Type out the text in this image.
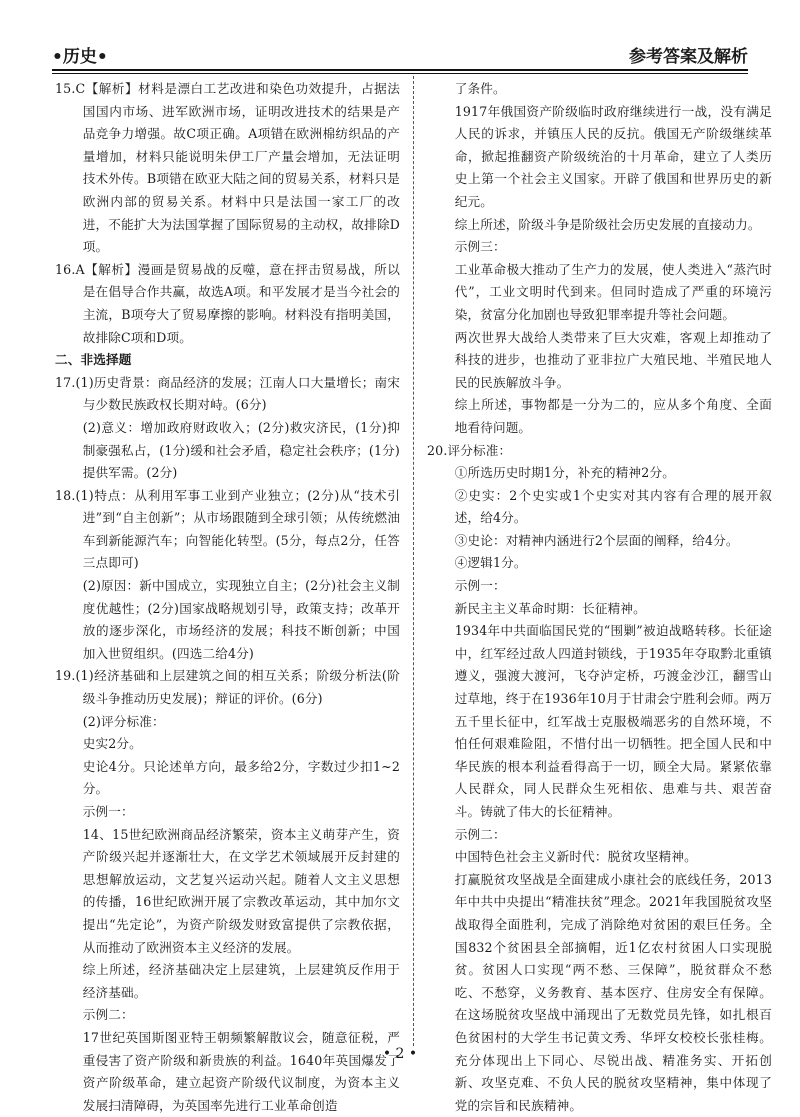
•历史•	参考答案及解析

15.C【解析】材料是漂白工艺改进和染色功效提升，占据法国国内市场、进军欧洲市场，证明改进技术的结果是产品竞争力增强。故C项正确。A项错在欧洲棉纺织品的产量增加，材料只能说明朱伊工厂产量会增加，无法证明技术外传。B项错在欧亚大陆之间的贸易关系，材料只是欧洲内部的贸易关系。材料中只是法国一家工厂的改进，不能扩大为法国掌握了国际贸易的主动权，故排除D项。

16.A【解析】漫画是贸易战的反噬，意在抨击贸易战，所以是在倡导合作共赢，故选A项。和平发展才是当今社会的主流，B项夸大了贸易摩擦的影响。材料没有指明美国，故排除C项和D项。

二、非选择题

17.(1)历史背景：商品经济的发展；江南人口大量增长；南宋与少数民族政权长期对峙。(6分)

(2)意义：增加政府财政收入；(2分)救灾济民，(1分)抑制豪强私占，(1分)缓和社会矛盾，稳定社会秩序；(1分)提供军需。(2分)

18.(1)特点：从利用军事工业到产业独立；(2分)从“技术引进”到“自主创新”；从市场跟随到全球引领；从传统燃油车到新能源汽车；向智能化转型。(5分，每点2分，任答三点即可)

(2)原因：新中国成立，实现独立自主；(2分)社会主义制度优越性；(2分)国家战略规划引导，政策支持；改革开放的逐步深化，市场经济的发展；科技不断创新；中国加入世贸组织。(四选二给4分)

19.(1)经济基础和上层建筑之间的相互关系；阶级分析法(阶级斗争推动历史发展)；辩证的评价。(6分)

(2)评分标准：

史实2分。

史论4分。只论述单方向，最多给2分，字数过少扣1~2分。

示例一：

14、15世纪欧洲商品经济繁荣，资本主义萌芽产生，资产阶级兴起并逐渐壮大，在文学艺术领域展开反封建的思想解放运动，文艺复兴运动兴起。随着人文主义思想的传播，16世纪欧洲开展了宗教改革运动，其中加尔文提出“先定论”，为资产阶级发财致富提供了宗教依据，从而推动了欧洲资本主义经济的发展。

综上所述，经济基础决定上层建筑，上层建筑反作用于经济基础。

示例二：

17世纪英国斯图亚特王朝频繁解散议会，随意征税，严重侵害了资产阶级和新贵族的利益。1640年英国爆发了资产阶级革命，建立起资产阶级代议制度，为资本主义发展扫清障碍，为英国率先进行工业革命创造

了条件。

1917年俄国资产阶级临时政府继续进行一战，没有满足人民的诉求，并镇压人民的反抗。俄国无产阶级继续革命，掀起推翻资产阶级统治的十月革命，建立了人类历史上第一个社会主义国家。开辟了俄国和世界历史的新纪元。

综上所述，阶级斗争是阶级社会历史发展的直接动力。

示例三：

工业革命极大推动了生产力的发展，使人类进入“蒸汽时代”，工业文明时代到来。但同时造成了严重的环境污染，贫富分化加剧也导致犯罪率提升等社会问题。

两次世界大战给人类带来了巨大灾难，客观上却推动了科技的进步，也推动了亚非拉广大殖民地、半殖民地人民的民族解放斗争。

综上所述，事物都是一分为二的，应从多个角度、全面地看待问题。

20.评分标准：

①所选历史时期1分，补充的精神2分。

②史实：2个史实或1个史实对其内容有合理的展开叙述，给4分。

③史论：对精神内涵进行2个层面的阐释，给4分。

④逻辑1分。

示例一：

新民主主义革命时期：长征精神。

1934年中共面临国民党的“围剿”被迫战略转移。长征途中，红军经过敌人四道封锁线，于1935年夺取黔北重镇遵义，强渡大渡河，飞夺泸定桥，巧渡金沙江，翻雪山过草地，终于在1936年10月于甘肃会宁胜利会师。两万五千里长征中，红军战士克服极端恶劣的自然环境，不怕任何艰难险阻，不惜付出一切牺牲。把全国人民和中华民族的根本利益看得高于一切，顾全大局。紧紧依靠人民群众，同人民群众生死相依、患难与共、艰苦奋斗。铸就了伟大的长征精神。

示例二：

中国特色社会主义新时代：脱贫攻坚精神。

打赢脱贫攻坚战是全面建成小康社会的底线任务，2013年中共中央提出“精准扶贫”理念。2021年我国脱贫攻坚战取得全面胜利，完成了消除绝对贫困的艰巨任务。全国832个贫困县全部摘帽，近1亿农村贫困人口实现脱贫。贫困人口实现“两不愁、三保障”，脱贫群众不愁吃、不愁穿，义务教育、基本医疗、住房安全有保障。在这场脱贫攻坚战中涌现出了无数党员先锋，如扎根百色贫困村的大学生书记黄文秀、华坪女校校长张桂梅。充分体现出上下同心、尽锐出战、精准务实、开拓创新、攻坚克难、不负人民的脱贫攻坚精神，集中体现了党的宗旨和民族精神。

• 2 •
